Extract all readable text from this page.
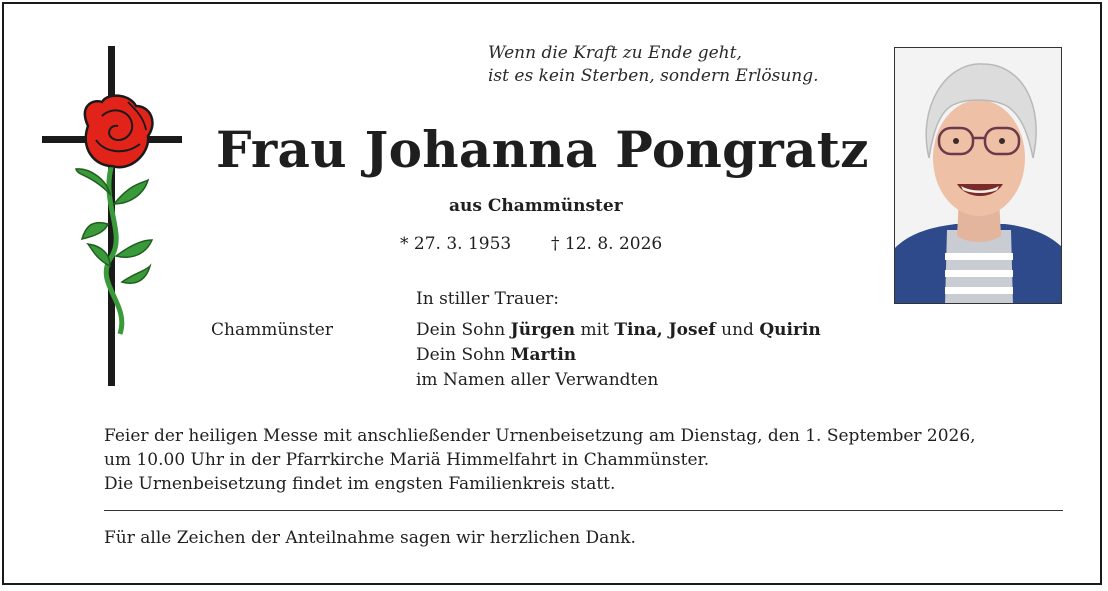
Wenn die Kraft zu Ende geht,
ist es kein Sterben, sondern Erlösung.
Frau Johanna Pongratz
aus Chammünster
* 27. 3. 1953 † 12. 8. 2026
In stiller Trauer:
Chammünster	Dein Sohn Jürgen mit Tina, Josef und Quirin
Dein Sohn Martin
im Namen aller Verwandten
Feier der heiligen Messe mit anschließender Urnenbeisetzung am Dienstag, den 1. September 2026,
um 10.00 Uhr in der Pfarrkirche Mariä Himmelfahrt in Chammünster.
Die Urnenbeisetzung findet im engsten Familienkreis statt.
Für alle Zeichen der Anteilnahme sagen wir herzlichen Dank.
